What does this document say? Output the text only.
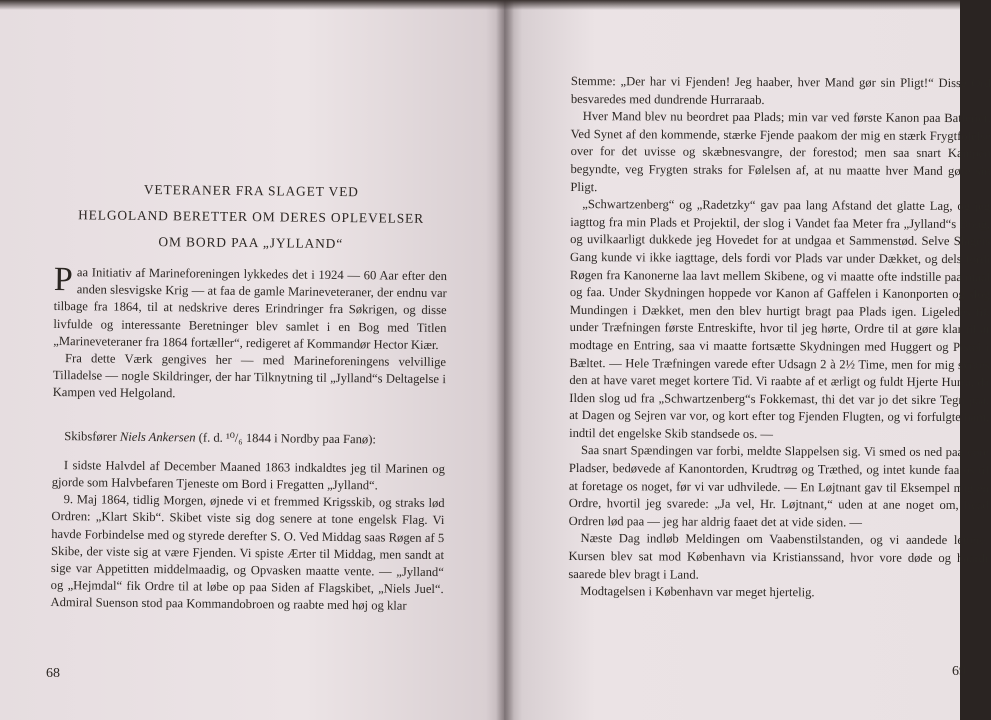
VETERANER FRA SLAGET VED
HELGOLAND BERETTER OM DERES OPLEVELSER
OM BORD PAA „JYLLAND“

Paa Initiativ af Marineforeningen lykkedes det i 1924 — 60 Aar efter den anden slesvigske Krig — at faa de gamle Marineveteraner, der endnu var tilbage fra 1864, til at nedskrive deres Erindringer fra Søkrigen, og disse livfulde og interessante Beretninger blev samlet i en Bog med Titlen „Marineveteraner fra 1864 fortæller“, redigeret af Kommandør Hector Kiær.

Fra dette Værk gengives her — med Marineforeningens velvillige Tilladelse — nogle Skildringer, der har Tilknytning til „Jylland“s Deltagelse i Kampen ved Helgoland.

Skibsfører Niels Ankersen (f. d. ¹⁰/₆ 1844 i Nordby paa Fanø):

I sidste Halvdel af December Maaned 1863 indkaldtes jeg til Marinen og gjorde som Halvbefaren Tjeneste om Bord i Fregatten „Jylland“.

9. Maj 1864, tidlig Morgen, øjnede vi et fremmed Krigsskib, og straks lød Ordren: „Klart Skib“. Skibet viste sig dog senere at tone engelsk Flag. Vi havde Forbindelse med og styrede derefter S. O. Ved Middag saas Røgen af 5 Skibe, der viste sig at være Fjenden. Vi spiste Ærter til Middag, men sandt at sige var Appetitten middelmaadig, og Opvasken maatte vente. — „Jylland“ og „Hejmdal“ fik Ordre til at løbe op paa Siden af Flagskibet, „Niels Juel“. Admiral Suenson stod paa Kommandobroen og raabte med høj og klar

68

Stemme: „Der har vi Fjenden! Jeg haaber, hver Mand gør sin Pligt!“ Disse Ord besvaredes med dundrende Hurraraab.

Hver Mand blev nu beordret paa Plads; min var ved første Kanon paa Batteriet. Ved Synet af den kommende, stærke Fjende paakom der mig en stærk Frygtfølelse over for det uvisse og skæbnesvangre, der forestod; men saa snart Kampen begyndte, veg Frygten straks for Følelsen af, at nu maatte hver Mand gøre sin Pligt.

„Schwartzenberg“ og „Radetzky“ gav paa lang Afstand det glatte Lag, og jeg iagttog fra min Plads et Projektil, der slog i Vandet faa Meter fra „Jylland“s Boug, og uvilkaarligt dukkede jeg Hovedet for at undgaa et Sammenstød. Selve Slagets Gang kunde vi ikke iagttage, dels fordi vor Plads var under Dækket, og dels fordi Røgen fra Kanonerne laa lavt mellem Skibene, og vi maatte ofte indstille paa maal og faa. Under Skydningen hoppede vor Kanon af Gaffelen i Kanonporten og slog Mundingen i Dækket, men den blev hurtigt bragt paa Plads igen. Ligeledes fik under Træfningen første Entreskifte, hvor til jeg hørte, Ordre til at gøre klar til at modtage en Entring, saa vi maatte fortsætte Skydningen med Huggert og Pistol i Bæltet. — Hele Træfningen varede efter Udsagn 2 à 2½ Time, men for mig syntes den at have varet meget kortere Tid. Vi raabte af et ærligt og fuldt Hjerte Hurra, da Ilden slog ud fra „Schwartzenberg“s Fokkemast, thi det var jo det sikre Tegn paa, at Dagen og Sejren var vor, og kort efter tog Fjenden Flugten, og vi forfulgte ham, indtil det engelske Skib standsede os. —

Saa snart Spændingen var forbi, meldte Slappelsen sig. Vi smed os ned paa vore Pladser, bedøvede af Kanontorden, Krudtrøg og Træthed, og intet kunde faa os til at foretage os noget, før vi var udhvilede. — En Løjtnant gav til Eksempel mig en Ordre, hvortil jeg svarede: „Ja vel, Hr. Løjtnant,“ uden at ane noget om, hvad Ordren lød paa — jeg har aldrig faaet det at vide siden. —

Næste Dag indløb Meldingen om Vaabenstilstanden, og vi aandede lettere. Kursen blev sat mod København via Kristianssand, hvor vore døde og haardt saarede blev bragt i Land.

Modtagelsen i København var meget hjertelig.

69
